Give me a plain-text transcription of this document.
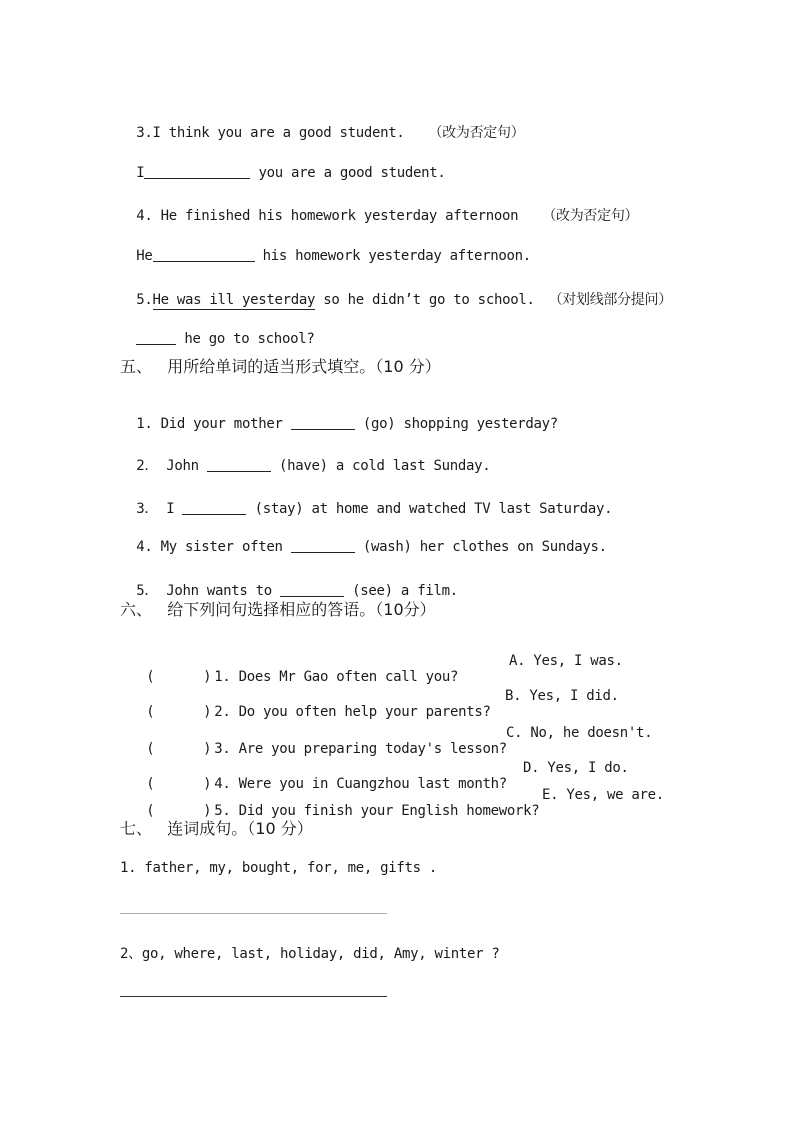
3.I think you are a good student. （改为否定句）

I	you are a good student.

4. He finished his homework yesterday afternoon （改为否定句）

He	his homework yesterday afternoon.

5.He was ill yesterday so he didn’t go to school. （对划线部分提问）

he go to school?

五、   用所给单词的适当形式填空。（10 分）

1. Did your mother	(go) shopping yesterday?

2． John	(have) a cold last Sunday.

3． I	(stay) at home and watched TV last Saturday.

4. My sister often	(wash) her clothes on Sundays.

5． John wants to	(see) a film.

六、   给下列问句选择相应的答语。（10分）

(      ) 1. Does Mr Gao often call you?

A. Yes, I was.

(      ) 2. Do you often help your parents?

B. Yes, I did.

(      ) 3. Are you preparing today's lesson?

C. No, he doesn't.

(      ) 4. Were you in Cuangzhou last month?

D. Yes, I do.

(      ) 5. Did you finish your English homework?

E. Yes, we are.

七、   连词成句。（10 分）
1. father, my, bought, for, me, gifts .
2、go, where, last, holiday, did, Amy, winter ?
